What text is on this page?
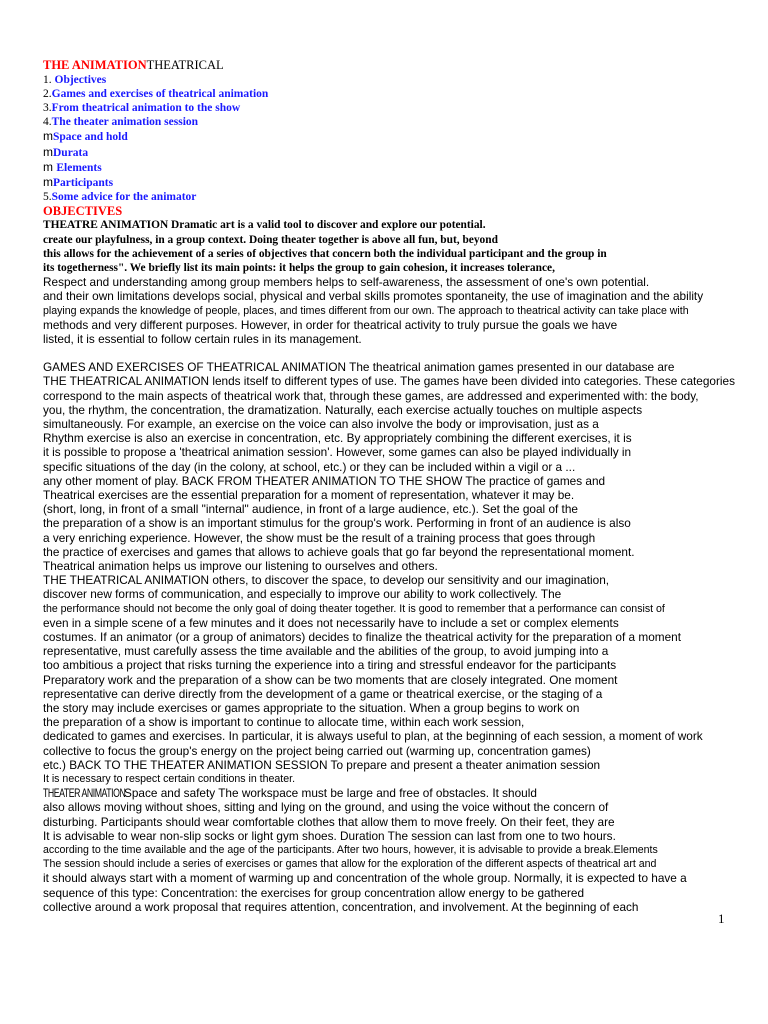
THE ANIMATIONTHEATRICAL
1. Objectives
2.Games and exercises of theatrical animation
3.From theatrical animation to the show
4.The theater animation session
mSpace and hold
mDurata
m Elements
mParticipants
5.Some advice for the animator
OBJECTIVES
THEATRE ANIMATION Dramatic art is a valid tool to discover and explore our potential.
create our playfulness, in a group context. Doing theater together is above all fun, but, beyond
this allows for the achievement of a series of objectives that concern both the individual participant and the group in
its togetherness". We briefly list its main points: it helps the group to gain cohesion, it increases tolerance,
Respect and understanding among group members helps to self-awareness, the assessment of one's own potential.
and their own limitations develops social, physical and verbal skills promotes spontaneity, the use of imagination and the ability
playing expands the knowledge of people, places, and times different from our own. The approach to theatrical activity can take place with
methods and very different purposes. However, in order for theatrical activity to truly pursue the goals we have
listed, it is essential to follow certain rules in its management.
GAMES AND EXERCISES OF THEATRICAL ANIMATION The theatrical animation games presented in our database are
THE THEATRICAL ANIMATION lends itself to different types of use. The games have been divided into categories. These categories
correspond to the main aspects of theatrical work that, through these games, are addressed and experimented with: the body,
you, the rhythm, the concentration, the dramatization. Naturally, each exercise actually touches on multiple aspects
simultaneously. For example, an exercise on the voice can also involve the body or improvisation, just as a
Rhythm exercise is also an exercise in concentration, etc. By appropriately combining the different exercises, it is
it is possible to propose a 'theatrical animation session'. However, some games can also be played individually in
specific situations of the day (in the colony, at school, etc.) or they can be included within a vigil or a ...
any other moment of play. BACK FROM THEATER ANIMATION TO THE SHOW The practice of games and
Theatrical exercises are the essential preparation for a moment of representation, whatever it may be.
(short, long, in front of a small "internal" audience, in front of a large audience, etc.). Set the goal of the
the preparation of a show is an important stimulus for the group's work. Performing in front of an audience is also
a very enriching experience. However, the show must be the result of a training process that goes through
the practice of exercises and games that allows to achieve goals that go far beyond the representational moment.
Theatrical animation helps us improve our listening to ourselves and others.
THE THEATRICAL ANIMATION others, to discover the space, to develop our sensitivity and our imagination,
discover new forms of communication, and especially to improve our ability to work collectively. The
the performance should not become the only goal of doing theater together. It is good to remember that a performance can consist of
even in a simple scene of a few minutes and it does not necessarily have to include a set or complex elements
costumes. If an animator (or a group of animators) decides to finalize the theatrical activity for the preparation of a moment
representative, must carefully assess the time available and the abilities of the group, to avoid jumping into a
too ambitious a project that risks turning the experience into a tiring and stressful endeavor for the participants
Preparatory work and the preparation of a show can be two moments that are closely integrated. One moment
representative can derive directly from the development of a game or theatrical exercise, or the staging of a
the story may include exercises or games appropriate to the situation. When a group begins to work on
the preparation of a show is important to continue to allocate time, within each work session,
dedicated to games and exercises. In particular, it is always useful to plan, at the beginning of each session, a moment of work
collective to focus the group's energy on the project being carried out (warming up, concentration games)
etc.) BACK TO THE THEATER ANIMATION SESSION To prepare and present a theater animation session
It is necessary to respect certain conditions in theater.
THEATER ANIMATIONSpace and safety The workspace must be large and free of obstacles. It should
also allows moving without shoes, sitting and lying on the ground, and using the voice without the concern of
disturbing. Participants should wear comfortable clothes that allow them to move freely. On their feet, they are
It is advisable to wear non-slip socks or light gym shoes. Duration The session can last from one to two hours.
according to the time available and the age of the participants. After two hours, however, it is advisable to provide a break.Elements
The session should include a series of exercises or games that allow for the exploration of the different aspects of theatrical art and
it should always start with a moment of warming up and concentration of the whole group. Normally, it is expected to have a
sequence of this type: Concentration: the exercises for group concentration allow energy to be gathered
collective around a work proposal that requires attention, concentration, and involvement. At the beginning of each
1
